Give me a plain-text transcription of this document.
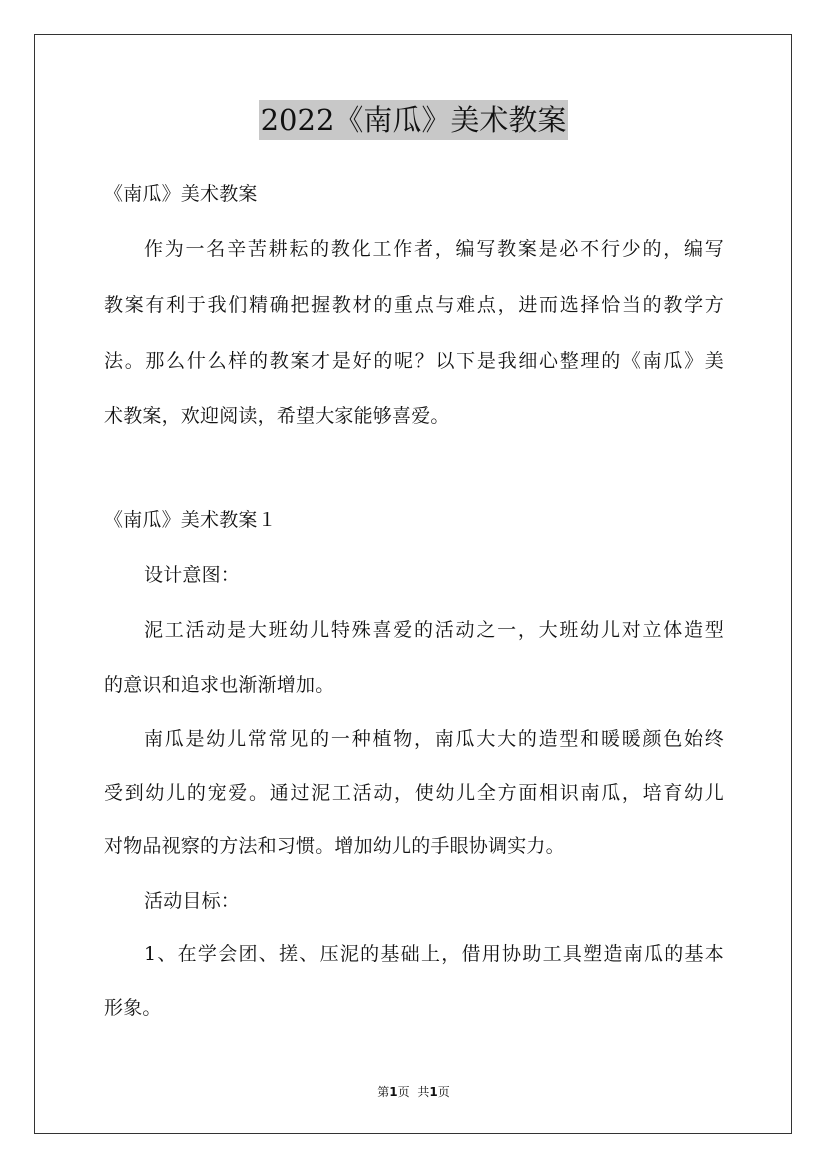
2022《南瓜》美术教案
《南瓜》美术教案
作为一名辛苦耕耘的教化工作者，编写教案是必不行少的，编写
教案有利于我们精确把握教材的重点与难点，进而选择恰当的教学方
法。那么什么样的教案才是好的呢？以下是我细心整理的《南瓜》美
术教案，欢迎阅读，希望大家能够喜爱。
《南瓜》美术教案１
设计意图：
泥工活动是大班幼儿特殊喜爱的活动之一，大班幼儿对立体造型
的意识和追求也渐渐增加。
南瓜是幼儿常常见的一种植物，南瓜大大的造型和暖暖颜色始终
受到幼儿的宠爱。通过泥工活动，使幼儿全方面相识南瓜，培育幼儿
对物品视察的方法和习惯。增加幼儿的手眼协调实力。
活动目标：
1、在学会团、搓、压泥的基础上，借用协助工具塑造南瓜的基本
形象。
第1页 共1页
